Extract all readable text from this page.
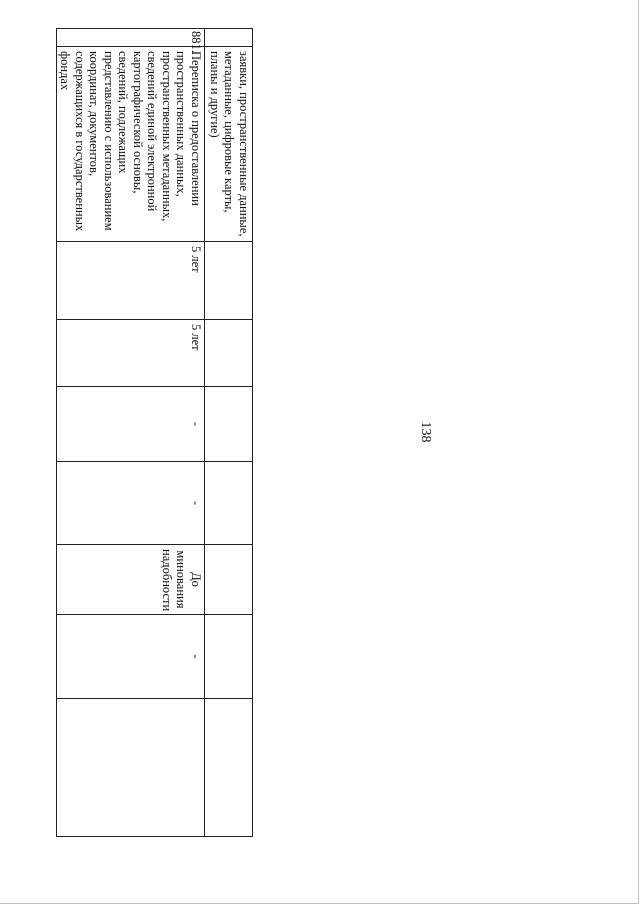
138
	заявки, пространственные данные, метаданные, цифровые карты, планы и другие)							
881.	Переписка о предоставлении пространственных данных, пространственных метаданных, сведений единой электронной картографической основы, сведений, подлежащих представлению с использованием координат, документов, содержащихся в государственных фондах	5 лет	5 лет	-	-	До минования надобности	-	
